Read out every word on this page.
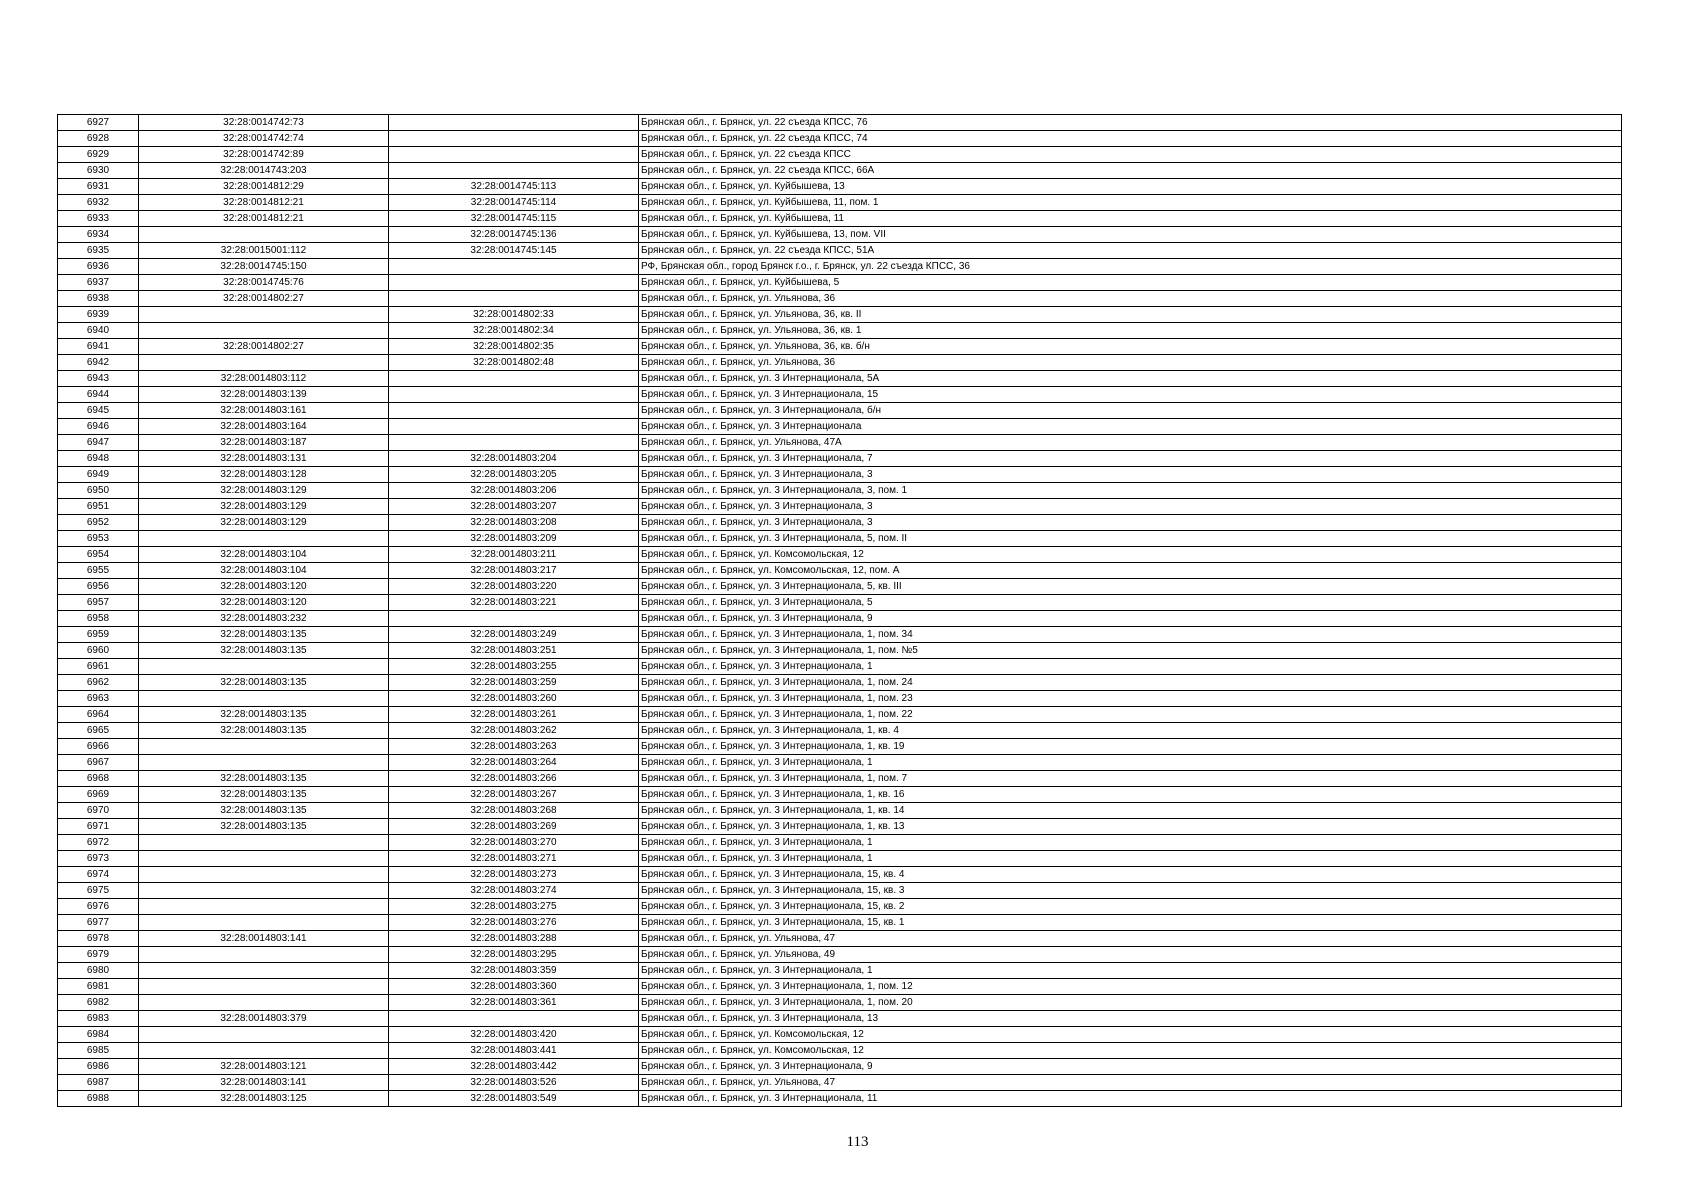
6927	32:28:0014742:73		Брянская обл., г. Брянск, ул. 22 съезда КПСС, 76
6928	32:28:0014742:74		Брянская обл., г. Брянск, ул. 22 съезда КПСС, 74
6929	32:28:0014742:89		Брянская обл., г. Брянск, ул. 22 съезда КПСС
6930	32:28:0014743:203		Брянская обл., г. Брянск, ул. 22 съезда КПСС, 66А
6931	32:28:0014812:29	32:28:0014745:113	Брянская обл., г. Брянск, ул. Куйбышева, 13
6932	32:28:0014812:21	32:28:0014745:114	Брянская обл., г. Брянск, ул. Куйбышева, 11, пом. 1
6933	32:28:0014812:21	32:28:0014745:115	Брянская обл., г. Брянск, ул. Куйбышева, 11
6934		32:28:0014745:136	Брянская обл., г. Брянск, ул. Куйбышева, 13, пом. VII
6935	32:28:0015001:112	32:28:0014745:145	Брянская обл., г. Брянск, ул. 22 съезда КПСС, 51А
6936	32:28:0014745:150		РФ, Брянская обл., город Брянск г.о., г. Брянск, ул. 22 съезда КПСС, 36
6937	32:28:0014745:76		Брянская обл., г. Брянск, ул. Куйбышева, 5
6938	32:28:0014802:27		Брянская обл., г. Брянск, ул. Ульянова, 36
6939		32:28:0014802:33	Брянская обл., г. Брянск, ул. Ульянова, 36, кв. II
6940		32:28:0014802:34	Брянская обл., г. Брянск, ул. Ульянова, 36, кв. 1
6941	32:28:0014802:27	32:28:0014802:35	Брянская обл., г. Брянск, ул. Ульянова, 36, кв. б/н
6942		32:28:0014802:48	Брянская обл., г. Брянск, ул. Ульянова, 36
6943	32:28:0014803:112		Брянская обл., г. Брянск, ул. 3 Интернационала, 5А
6944	32:28:0014803:139		Брянская обл., г. Брянск, ул. 3 Интернационала, 15
6945	32:28:0014803:161		Брянская обл., г. Брянск, ул. 3 Интернационала, б/н
6946	32:28:0014803:164		Брянская обл., г. Брянск, ул. 3 Интернационала
6947	32:28:0014803:187		Брянская обл., г. Брянск, ул. Ульянова, 47А
6948	32:28:0014803:131	32:28:0014803:204	Брянская обл., г. Брянск, ул. 3 Интернационала, 7
6949	32:28:0014803:128	32:28:0014803:205	Брянская обл., г. Брянск, ул. 3 Интернационала, 3
6950	32:28:0014803:129	32:28:0014803:206	Брянская обл., г. Брянск, ул. 3 Интернационала, 3, пом. 1
6951	32:28:0014803:129	32:28:0014803:207	Брянская обл., г. Брянск, ул. 3 Интернационала, 3
6952	32:28:0014803:129	32:28:0014803:208	Брянская обл., г. Брянск, ул. 3 Интернационала, 3
6953		32:28:0014803:209	Брянская обл., г. Брянск, ул. 3 Интернационала, 5, пом. II
6954	32:28:0014803:104	32:28:0014803:211	Брянская обл., г. Брянск, ул. Комсомольская, 12
6955	32:28:0014803:104	32:28:0014803:217	Брянская обл., г. Брянск, ул. Комсомольская, 12, пом. А
6956	32:28:0014803:120	32:28:0014803:220	Брянская обл., г. Брянск, ул. 3 Интернационала, 5, кв. III
6957	32:28:0014803:120	32:28:0014803:221	Брянская обл., г. Брянск, ул. 3 Интернационала, 5
6958	32:28:0014803:232		Брянская обл., г. Брянск, ул. 3 Интернационала, 9
6959	32:28:0014803:135	32:28:0014803:249	Брянская обл., г. Брянск, ул. 3 Интернационала, 1, пом. 34
6960	32:28:0014803:135	32:28:0014803:251	Брянская обл., г. Брянск, ул. 3 Интернационала, 1, пом. №5
6961		32:28:0014803:255	Брянская обл., г. Брянск, ул. 3 Интернационала, 1
6962	32:28:0014803:135	32:28:0014803:259	Брянская обл., г. Брянск, ул. 3 Интернационала, 1, пом. 24
6963		32:28:0014803:260	Брянская обл., г. Брянск, ул. 3 Интернационала, 1, пом. 23
6964	32:28:0014803:135	32:28:0014803:261	Брянская обл., г. Брянск, ул. 3 Интернационала, 1, пом. 22
6965	32:28:0014803:135	32:28:0014803:262	Брянская обл., г. Брянск, ул. 3 Интернационала, 1, кв. 4
6966		32:28:0014803:263	Брянская обл., г. Брянск, ул. 3 Интернационала, 1, кв. 19
6967		32:28:0014803:264	Брянская обл., г. Брянск, ул. 3 Интернационала, 1
6968	32:28:0014803:135	32:28:0014803:266	Брянская обл., г. Брянск, ул. 3 Интернационала, 1, пом. 7
6969	32:28:0014803:135	32:28:0014803:267	Брянская обл., г. Брянск, ул. 3 Интернационала, 1, кв. 16
6970	32:28:0014803:135	32:28:0014803:268	Брянская обл., г. Брянск, ул. 3 Интернационала, 1, кв. 14
6971	32:28:0014803:135	32:28:0014803:269	Брянская обл., г. Брянск, ул. 3 Интернационала, 1, кв. 13
6972		32:28:0014803:270	Брянская обл., г. Брянск, ул. 3 Интернационала, 1
6973		32:28:0014803:271	Брянская обл., г. Брянск, ул. 3 Интернационала, 1
6974		32:28:0014803:273	Брянская обл., г. Брянск, ул. 3 Интернационала, 15, кв. 4
6975		32:28:0014803:274	Брянская обл., г. Брянск, ул. 3 Интернационала, 15, кв. 3
6976		32:28:0014803:275	Брянская обл., г. Брянск, ул. 3 Интернационала, 15, кв. 2
6977		32:28:0014803:276	Брянская обл., г. Брянск, ул. 3 Интернационала, 15, кв. 1
6978	32:28:0014803:141	32:28:0014803:288	Брянская обл., г. Брянск, ул. Ульянова, 47
6979		32:28:0014803:295	Брянская обл., г. Брянск, ул. Ульянова, 49
6980		32:28:0014803:359	Брянская обл., г. Брянск, ул. 3 Интернационала, 1
6981		32:28:0014803:360	Брянская обл., г. Брянск, ул. 3 Интернационала, 1, пом. 12
6982		32:28:0014803:361	Брянская обл., г. Брянск, ул. 3 Интернационала, 1, пом. 20
6983	32:28:0014803:379		Брянская обл., г. Брянск, ул. 3 Интернационала, 13
6984		32:28:0014803:420	Брянская обл., г. Брянск, ул. Комсомольская, 12
6985		32:28:0014803:441	Брянская обл., г. Брянск, ул. Комсомольская, 12
6986	32:28:0014803:121	32:28:0014803:442	Брянская обл., г. Брянск, ул. 3 Интернационала, 9
6987	32:28:0014803:141	32:28:0014803:526	Брянская обл., г. Брянск, ул. Ульянова, 47
6988	32:28:0014803:125	32:28:0014803:549	Брянская обл., г. Брянск, ул. 3 Интернационала, 11
113
